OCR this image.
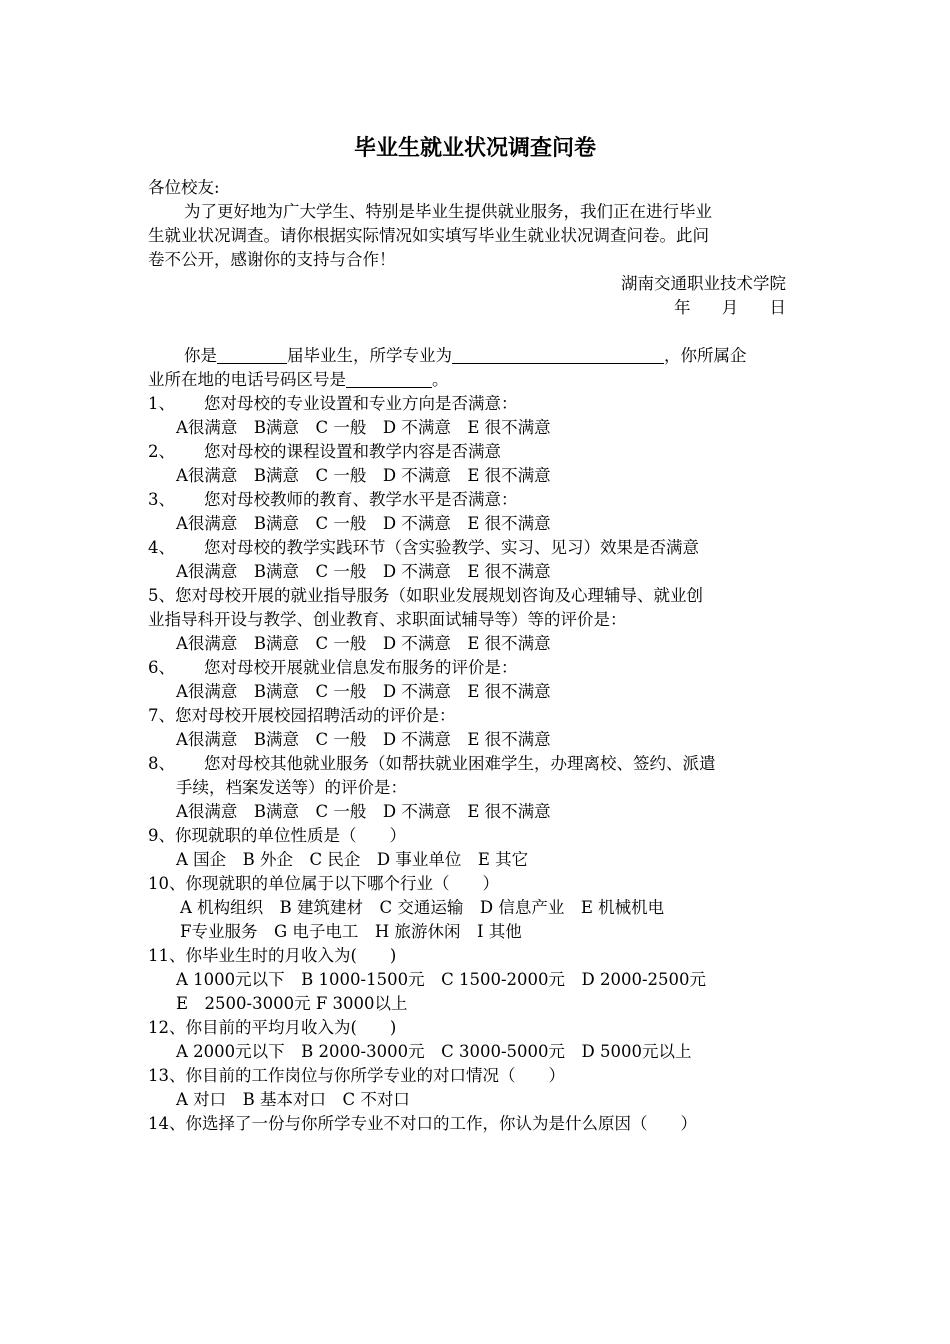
毕业生就业状况调查问卷
各位校友:
为了更好地为广大学生、特别是毕业生提供就业服务，我们正在进行毕业
生就业状况调查。请你根据实际情况如实填写毕业生就业状况调查问卷。此问
卷不公开，感谢你的支持与合作！
湖南交通职业技术学院
年 月 日
你是	届毕业生，所学专业为	，你所属企
业所在地的电话号码区号是	。
1、 您对母校的专业设置和专业方向是否满意：
A很满意　B满意　C 一般　D 不满意　E 很不满意
2、 您对母校的课程设置和教学内容是否满意
A很满意　B满意　C 一般　D 不满意　E 很不满意
3、 您对母校教师的教育、教学水平是否满意：
A很满意　B满意　C 一般　D 不满意　E 很不满意
4、 您对母校的教学实践环节（含实验教学、实习、见习）效果是否满意
A很满意　B满意　C 一般　D 不满意　E 很不满意
5、您对母校开展的就业指导服务（如职业发展规划咨询及心理辅导、就业创
业指导科开设与教学、创业教育、求职面试辅导等）等的评价是：
A很满意　B满意　C 一般　D 不满意　E 很不满意
6、 您对母校开展就业信息发布服务的评价是：
A很满意　B满意　C 一般　D 不满意　E 很不满意
7、您对母校开展校园招聘活动的评价是：
A很满意　B满意　C 一般　D 不满意　E 很不满意
8、 您对母校其他就业服务（如帮扶就业困难学生，办理离校、签约、派遣
手续，档案发送等）的评价是：
A很满意　B满意　C 一般　D 不满意　E 很不满意
9、你现就职的单位性质是（　　）
A 国企　B 外企　C 民企　D 事业单位　E 其它
10、你现就职的单位属于以下哪个行业（　　）
A 机构组织　B 建筑建材　C 交通运输　D 信息产业　E 机械机电
F专业服务　G 电子电工　H 旅游休闲　I 其他
11、你毕业生时的月收入为(　　)
A 1000元以下　B 1000-1500元　C 1500-2000元　D 2000-2500元
E　2500-3000元 F 3000以上
12、你目前的平均月收入为(　　)
A 2000元以下　B 2000-3000元　C 3000-5000元　D 5000元以上
13、你目前的工作岗位与你所学专业的对口情况（　　）
A 对口　B 基本对口　C 不对口
14、你选择了一份与你所学专业不对口的工作，你认为是什么原因（　　）
